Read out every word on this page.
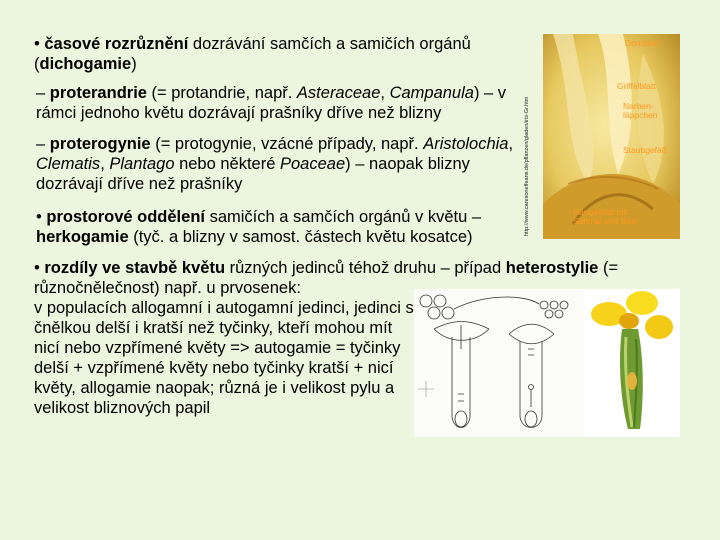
• časové rozrůznění dozrávání samčích a samičích orgánů (dichogamie)

– proterandrie (= protandrie, např. Asteraceae, Campanula) – v rámci jednoho květu dozrávají prašníky dříve než blizny

– proterogynie (= protogynie, vzácné případy, např. Aristolochia, Clematis, Plantago nebo některé Poaceae) – naopak blizny dozrávají dříve než prašníky

• prostorové oddělení samičích a samčích orgánů v květu – herkogamie (tyč. a blizny v samost. částech květu kosatce)

• rozdíly ve stavbě květu různých jedinců téhož druhu – případ heterostylie (= různočnělečnost) např. u prvosenek:

v populacích allogamní i autogamní jedinci, jedinci s čnělkou delší i kratší než tyčinky, kteří mohou mít nicí nebo vzpřímené květy => autogamie = tyčinky delší + vzpřímené květy nebo tyčinky kratší + nicí květy, allogamie naopak; různá je i velikost pylu a velikost bliznových papil

Domblatt
Griffelblatt
Narben-
läppchen
Staubgefäß
Hängeblatt mit
Saftmal und Bart
http://www.caresoneffeans.de/pflanzen/gladen/iris-Gr.htm
